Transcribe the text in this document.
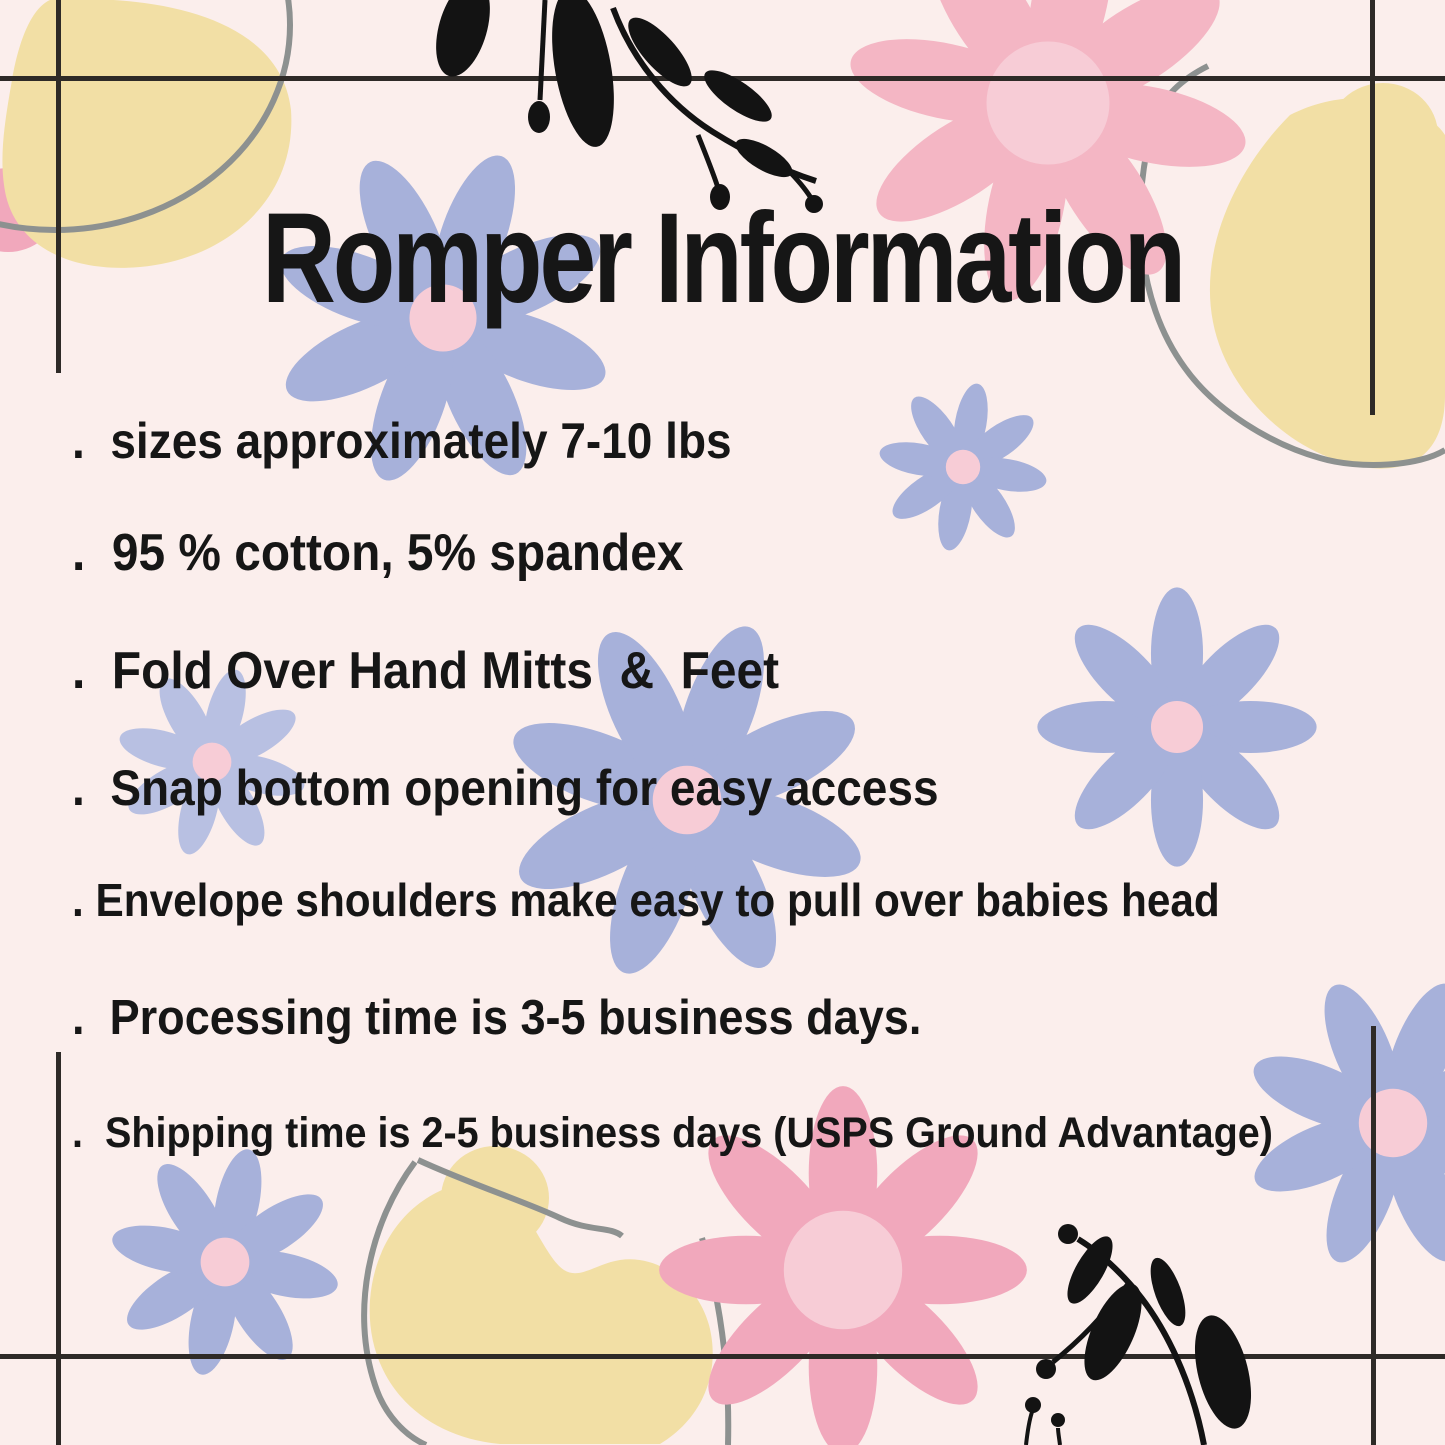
Romper Information
.  sizes approximately 7-10 lbs
.  95 % cotton, 5% spandex
.  Fold Over Hand Mitts  &  Feet
.  Snap bottom opening for easy access
. Envelope shoulders make easy to pull over babies head
.  Processing time is 3-5 business days.
.  Shipping time is 2-5 business days (USPS Ground Advantage)
